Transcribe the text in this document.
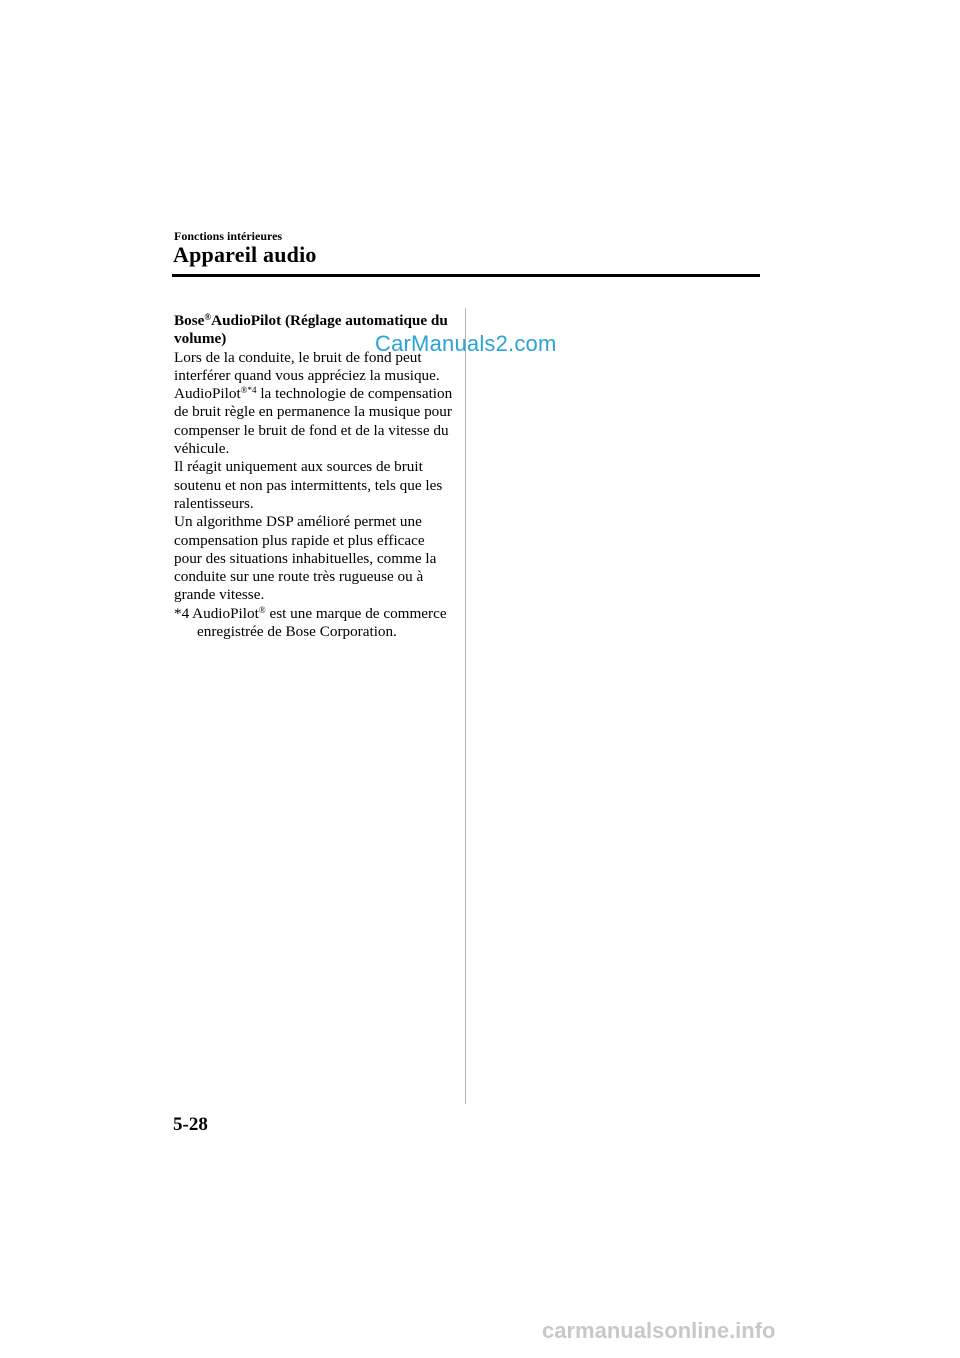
Fonctions intérieures
Appareil audio

Bose®AudioPilot (Réglage automatique du volume)

Lors de la conduite, le bruit de fond peut interférer quand vous appréciez la musique.

AudioPilot$^{®*4}$ la technologie de compensation de bruit règle en permanence la musique pour compenser le bruit de fond et de la vitesse du véhicule.

Il réagit uniquement aux sources de bruit soutenu et non pas intermittents, tels que les ralentisseurs.

Un algorithme DSP amélioré permet une compensation plus rapide et plus efficace pour des situations inhabituelles, comme la conduite sur une route très rugueuse ou à grande vitesse.

*4 AudioPilot® est une marque de commerce enregistrée de Bose Corporation.

CarManuals2.com
5-28
carmanualsonline.info
